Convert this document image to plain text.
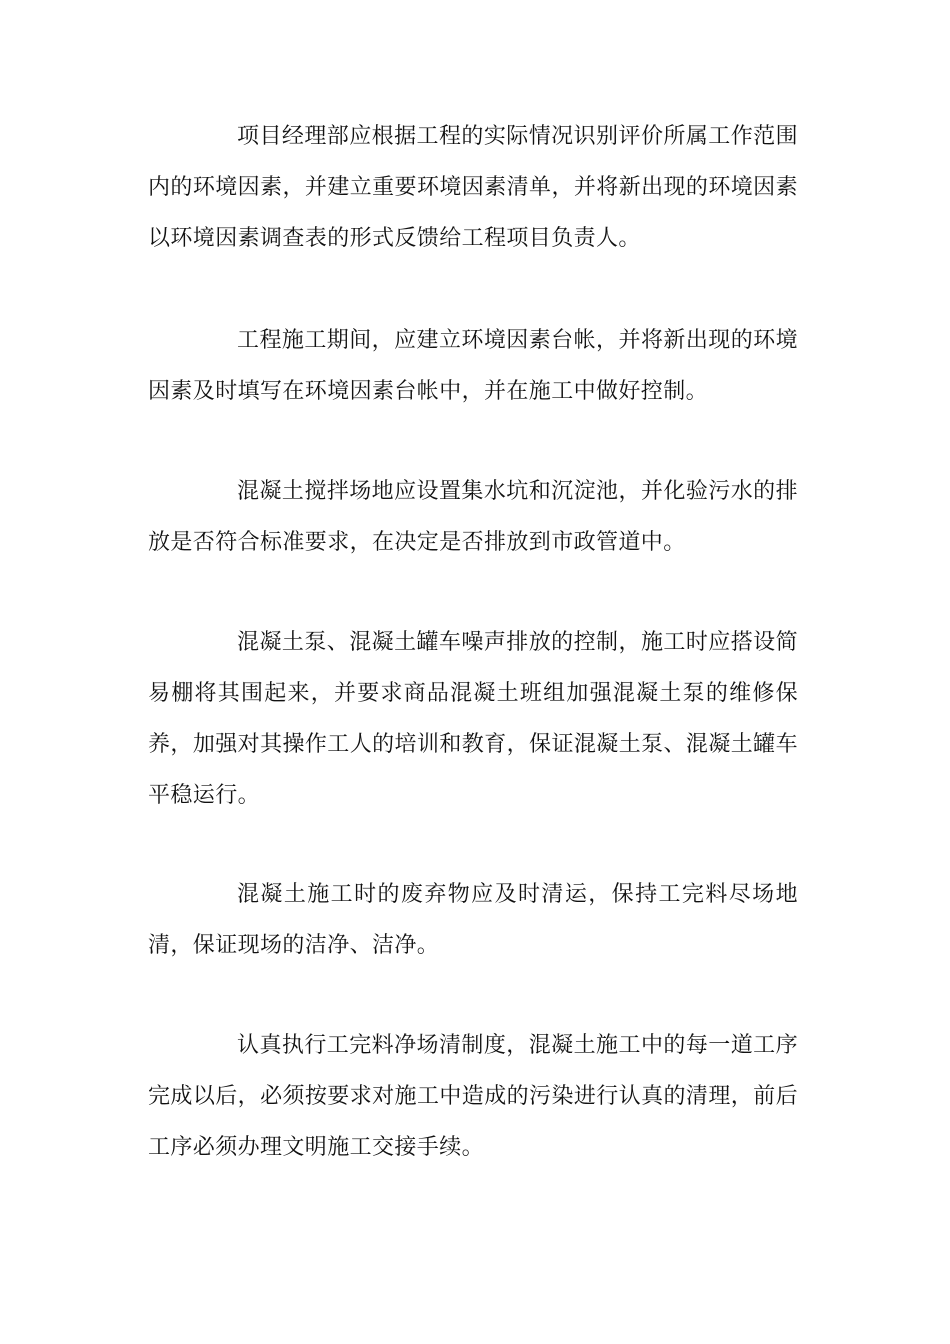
项目经理部应根据工程的实际情况识别评价所属工作范围内的环境因素，并建立重要环境因素清单，并将新出现的环境因素以环境因素调查表的形式反馈给工程项目负责人。

工程施工期间，应建立环境因素台帐，并将新出现的环境因素及时填写在环境因素台帐中，并在施工中做好控制。

混凝土搅拌场地应设置集水坑和沉淀池，并化验污水的排放是否符合标准要求，在决定是否排放到市政管道中。

混凝土泵、混凝土罐车噪声排放的控制，施工时应搭设简易棚将其围起来，并要求商品混凝土班组加强混凝土泵的维修保养，加强对其操作工人的培训和教育，保证混凝土泵、混凝土罐车平稳运行。

混凝土施工时的废弃物应及时清运，保持工完料尽场地清，保证现场的洁净、洁净。

认真执行工完料净场清制度，混凝土施工中的每一道工序完成以后，必须按要求对施工中造成的污染进行认真的清理，前后工序必须办理文明施工交接手续。
